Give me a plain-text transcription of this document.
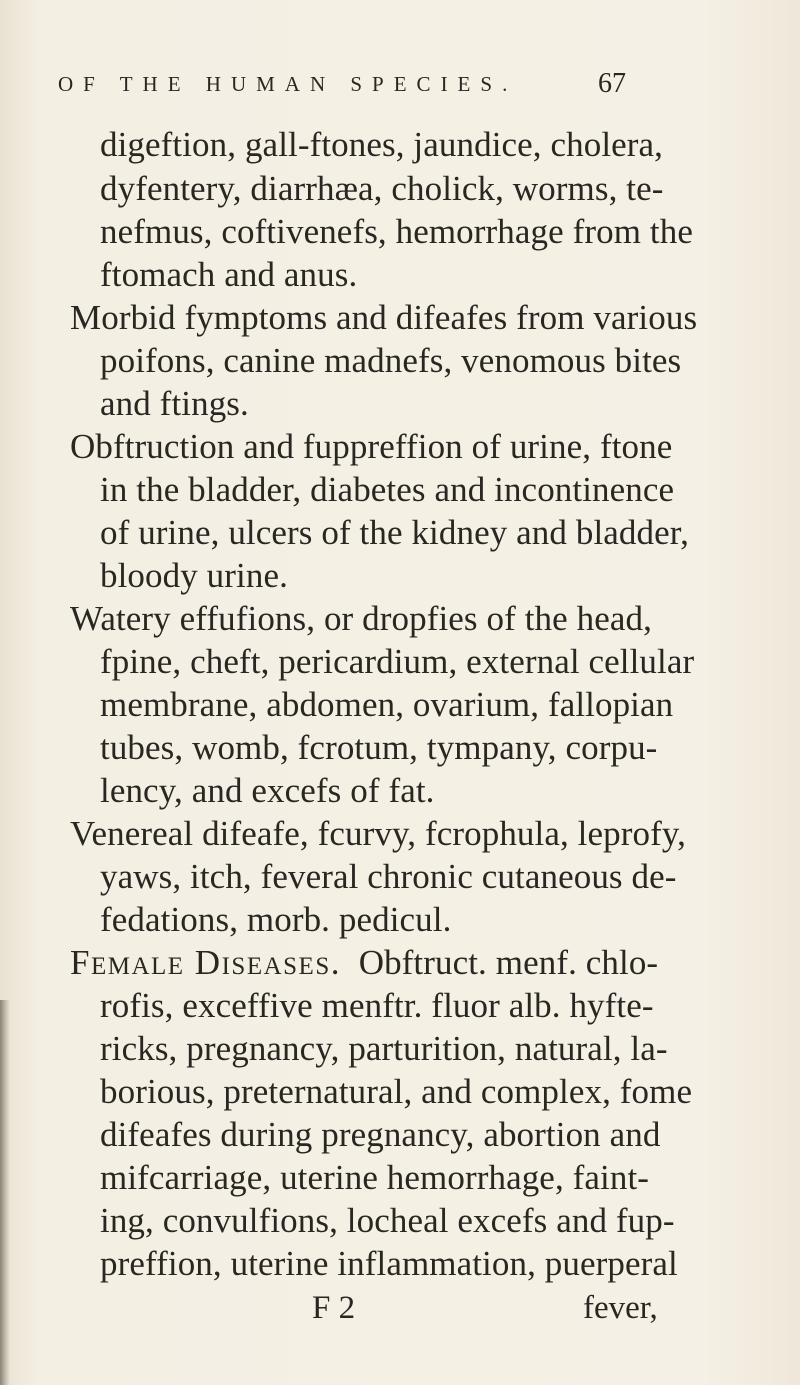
OF THE HUMAN SPECIES.	67
digeftion, gall-ftones, jaundice, cholera,
dyfentery, diarrhæa, cholick, worms, te-
nefmus, coftivenefs, hemorrhage from the
ftomach and anus.
Morbid fymptoms and difeafes from various
poifons, canine madnefs, venomous bites
and ftings.
Obftruction and fuppreffion of urine, ftone
in the bladder, diabetes and incontinence
of urine, ulcers of the kidney and bladder,
bloody urine.
Watery effufions, or dropfies of the head,
fpine, cheft, pericardium, external cellular
membrane, abdomen, ovarium, fallopian
tubes, womb, fcrotum, tympany, corpu-
lency, and excefs of fat.
Venereal difeafe, fcurvy, fcrophula, leprofy,
yaws, itch, feveral chronic cutaneous de-
fedations, morb. pedicul.
Female Diseases. Obftruct. menf. chlo-
rofis, exceffive menftr. fluor alb. hyfte-
ricks, pregnancy, parturition, natural, la-
borious, preternatural, and complex, fome
difeafes during pregnancy, abortion and
mifcarriage, uterine hemorrhage, faint-
ing, convulfions, locheal excefs and fup-
preffion, uterine inflammation, puerperal
F 2	fever,
